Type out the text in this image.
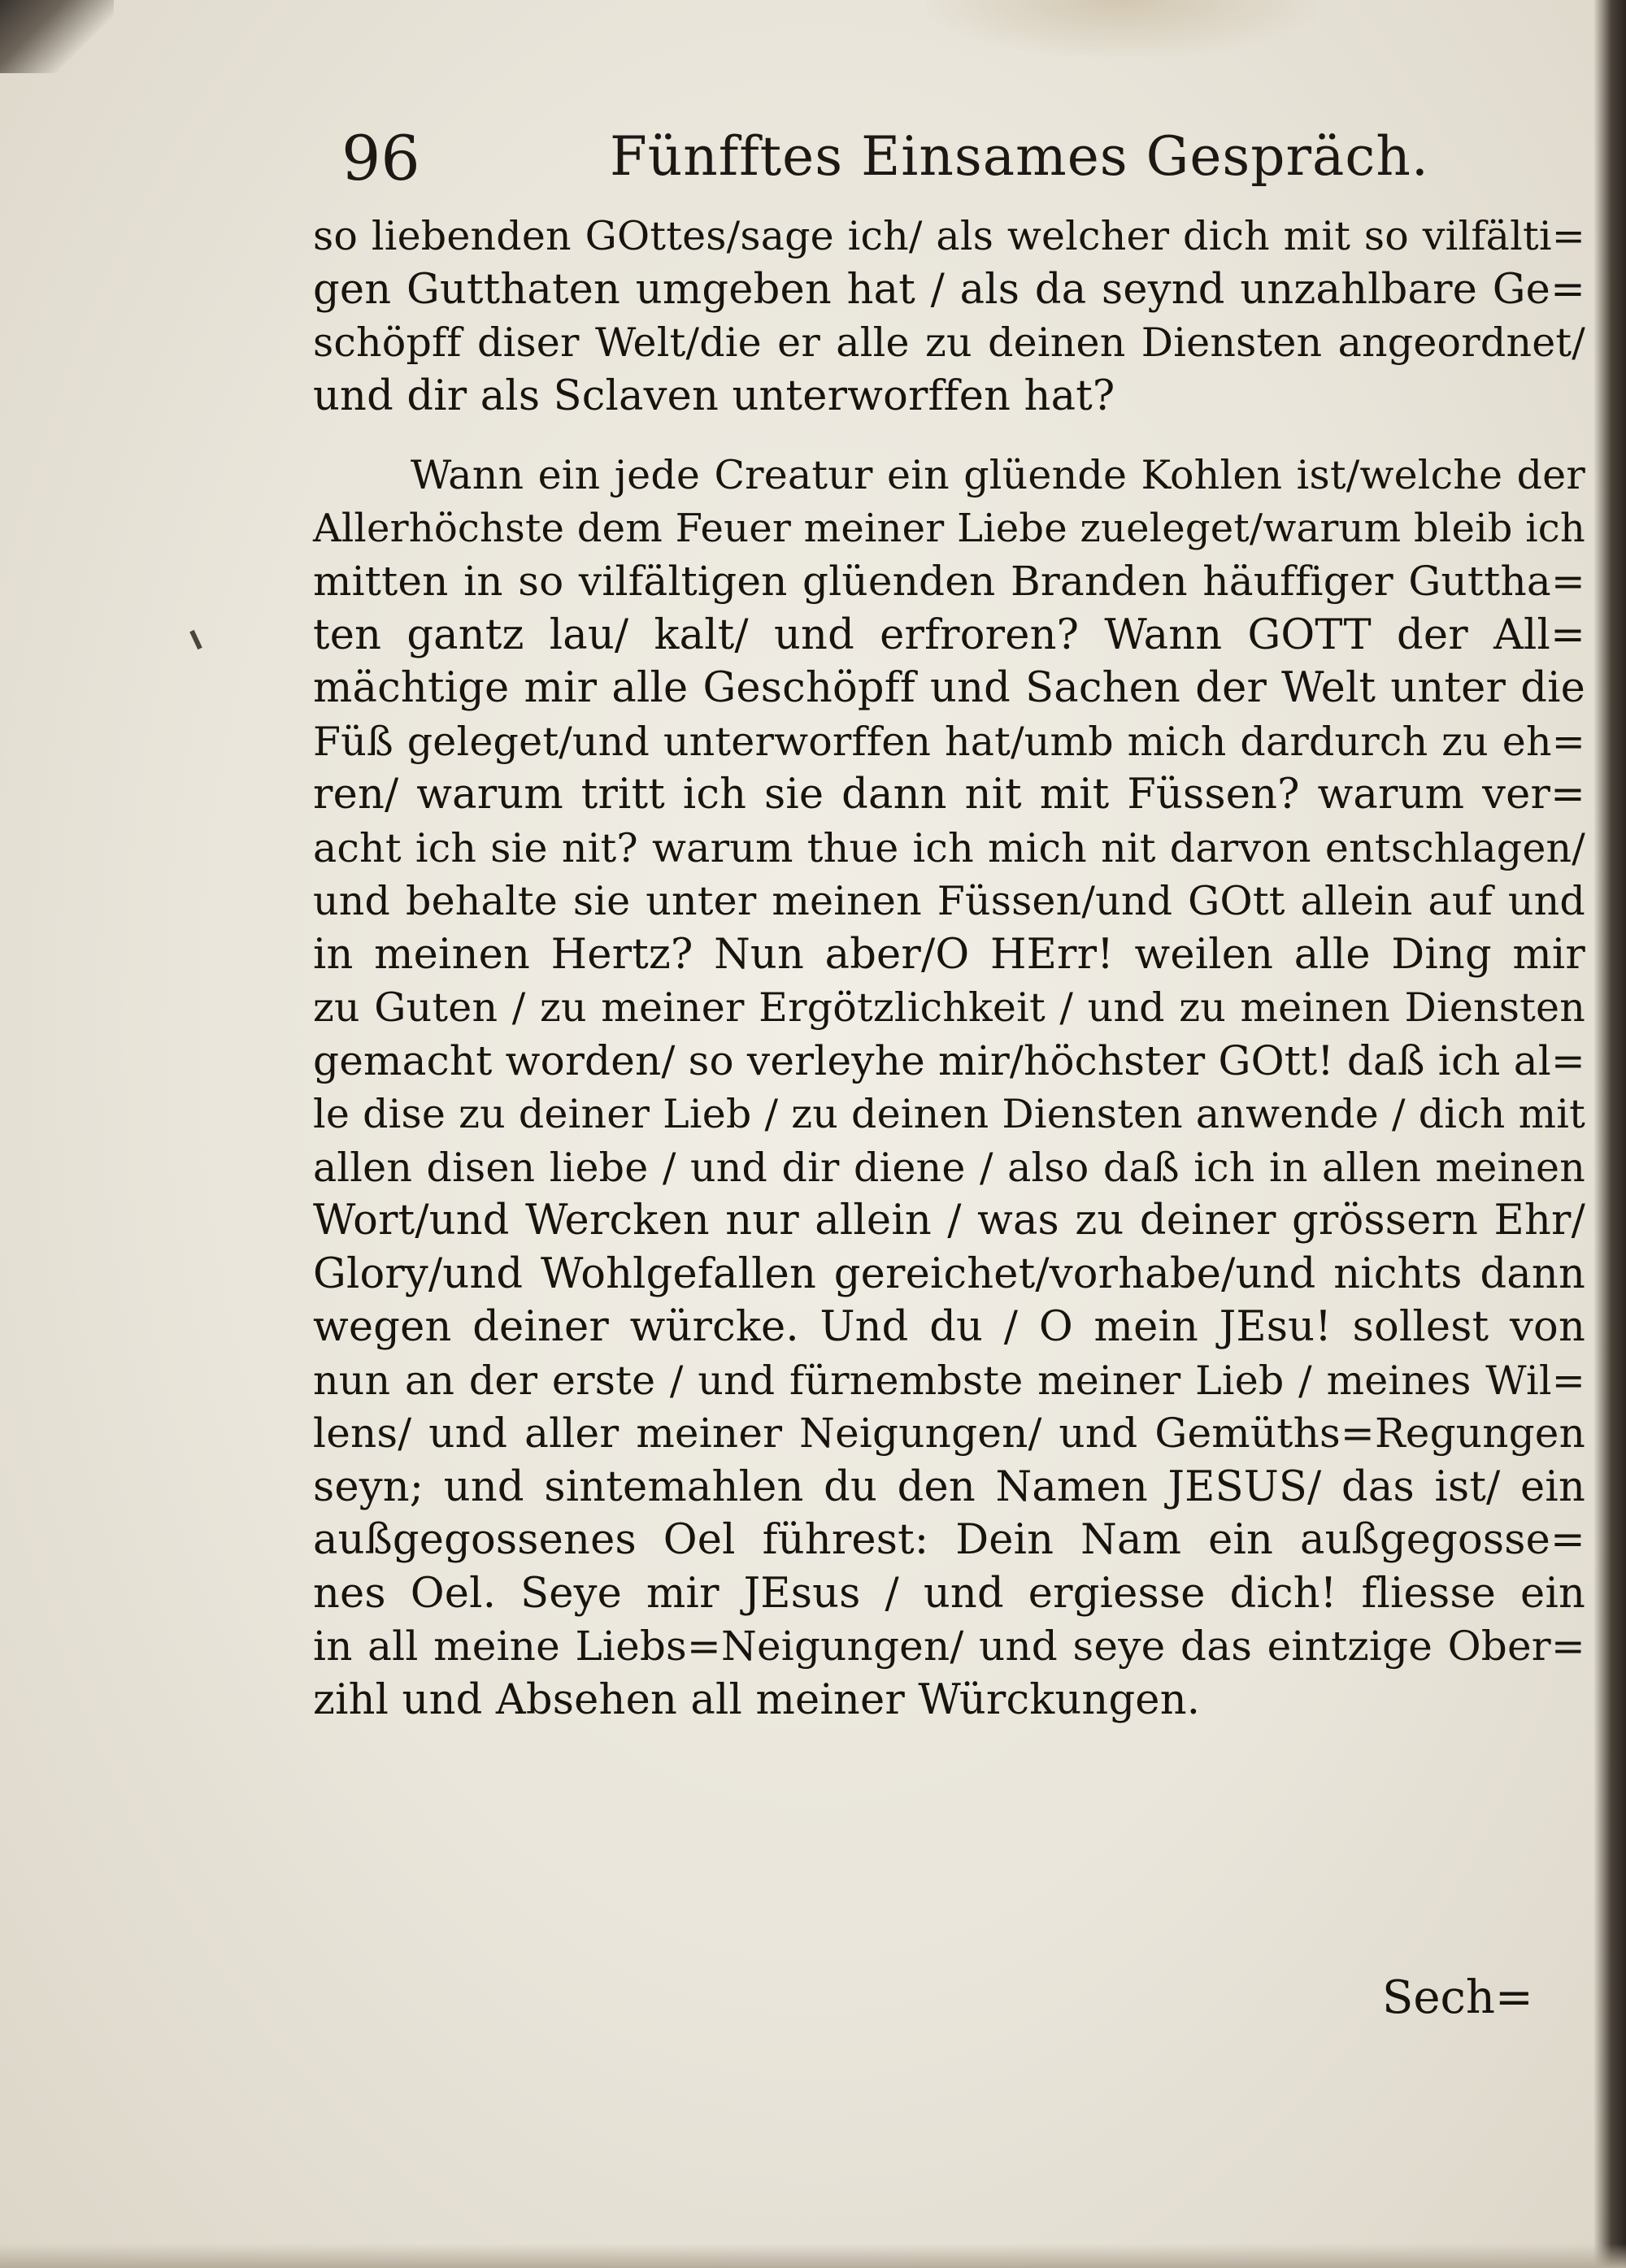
96	Fünfftes Einsames Gespräch.
so liebenden GOttes/sage ich/ als welcher dich mit so vilfälti=
gen Gutthaten umgeben hat / als da seynd unzahlbare Ge=
schöpff diser Welt/die er alle zu deinen Diensten angeordnet/
und dir als Sclaven unterworffen hat?
Wann ein jede Creatur ein glüende Kohlen ist/welche der
Allerhöchste dem Feuer meiner Liebe zueleget/warum bleib ich
mitten in so vilfältigen glüenden Branden häuffiger Guttha=
ten gantz lau/ kalt/ und erfroren? Wann GOTT der All=
mächtige mir alle Geschöpff und Sachen der Welt unter die
Füß geleget/und unterworffen hat/umb mich dardurch zu eh=
ren/ warum tritt ich sie dann nit mit Füssen? warum ver=
acht ich sie nit? warum thue ich mich nit darvon entschlagen/
und behalte sie unter meinen Füssen/und GOtt allein auf und
in meinen Hertz? Nun aber/O HErr! weilen alle Ding mir
zu Guten / zu meiner Ergötzlichkeit / und zu meinen Diensten
gemacht worden/ so verleyhe mir/höchster GOtt! daß ich al=
le dise zu deiner Lieb / zu deinen Diensten anwende / dich mit
allen disen liebe / und dir diene / also daß ich in allen meinen
Wort/und Wercken nur allein / was zu deiner grössern Ehr/
Glory/und Wohlgefallen gereichet/vorhabe/und nichts dann
wegen deiner würcke. Und du / O mein JEsu! sollest von
nun an der erste / und fürnembste meiner Lieb / meines Wil=
lens/ und aller meiner Neigungen/ und Gemüths=Regungen
seyn; und sintemahlen du den Namen JESUS/ das ist/ ein
außgegossenes Oel führest: Dein Nam ein außgegosse=
nes Oel. Seye mir JEsus / und ergiesse dich! fliesse ein
in all meine Liebs=Neigungen/ und seye das eintzige Ober=
zihl und Absehen all meiner Würckungen.
Sech=
